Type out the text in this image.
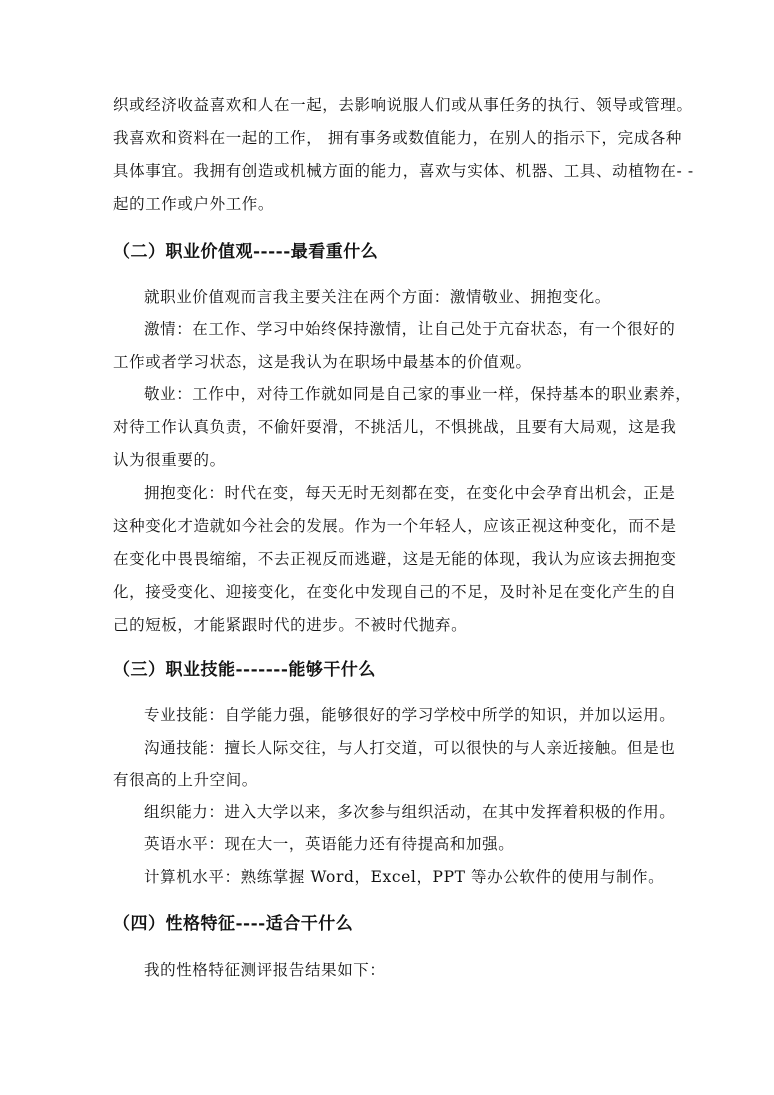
织或经济收益喜欢和人在一起，去影响说服人们或从事任务的执行、领导或管理。
我喜欢和资料在一起的工作， 拥有事务或数值能力，在别人的指示下，完成各种
具体事宜。我拥有创造或机械方面的能力，喜欢与实体、机器、工具、动植物在- -
起的工作或户外工作。
（二）职业价值观-----最看重什么
就职业价值观而言我主要关注在两个方面：激情敬业、拥抱变化。
激情：在工作、学习中始终保持激情，让自己处于亢奋状态，有一个很好的
工作或者学习状态，这是我认为在职场中最基本的价值观。
敬业：工作中，对待工作就如同是自己家的事业一样，保持基本的职业素养，
对待工作认真负责，不偷奸耍滑，不挑活儿，不惧挑战，且要有大局观，这是我
认为很重要的。
拥抱变化：时代在变，每天无时无刻都在变，在变化中会孕育出机会，正是
这种变化才造就如今社会的发展。作为一个年轻人，应该正视这种变化，而不是
在变化中畏畏缩缩，不去正视反而逃避，这是无能的体现，我认为应该去拥抱变
化，接受变化、迎接变化，在变化中发现自己的不足，及时补足在变化产生的自
己的短板，才能紧跟时代的进步。不被时代抛弃。
（三）职业技能-------能够干什么
专业技能：自学能力强，能够很好的学习学校中所学的知识，并加以运用。
沟通技能：擅长人际交往，与人打交道，可以很快的与人亲近接触。但是也
有很高的上升空间。
组织能力：进入大学以来，多次参与组织活动，在其中发挥着积极的作用。
英语水平：现在大一，英语能力还有待提高和加强。
计算机水平：熟练掌握 Word，Excel，PPT 等办公软件的使用与制作。
（四）性格特征----适合干什么
我的性格特征测评报告结果如下：
